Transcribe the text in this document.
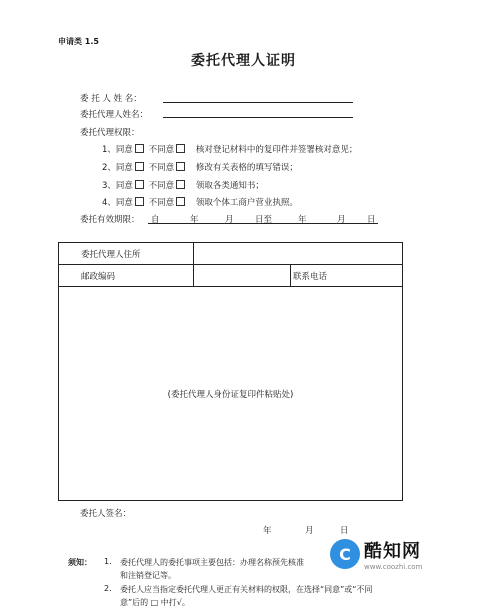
申请类 1.5
委托代理人证明
委 托 人 姓 名：
委托代理人姓名：
委托代理权限：
1、同意 不同意	核对登记材料中的复印件并签署核对意见；
2、同意 不同意	修改有关表格的填写错误；
3、同意 不同意	领取各类通知书；
4、同意 不同意	领取个体工商户营业执照。
委托有效期限： 自	年	月	日至	年	月	日
委托代理人住所		
邮政编码		联系电话
(委托代理人身份证复印件粘贴处)		
委托人签名：
年	月	日
须知： 1. 委托代理人的委托事项主要包括：办理名称预先核准
和注销登记等。
2. 委托人应当指定委托代理人更正有关材料的权限，在选择“同意”或“不同
意”后的 □ 中打√。
C 酷知网
www.coozhi.com
